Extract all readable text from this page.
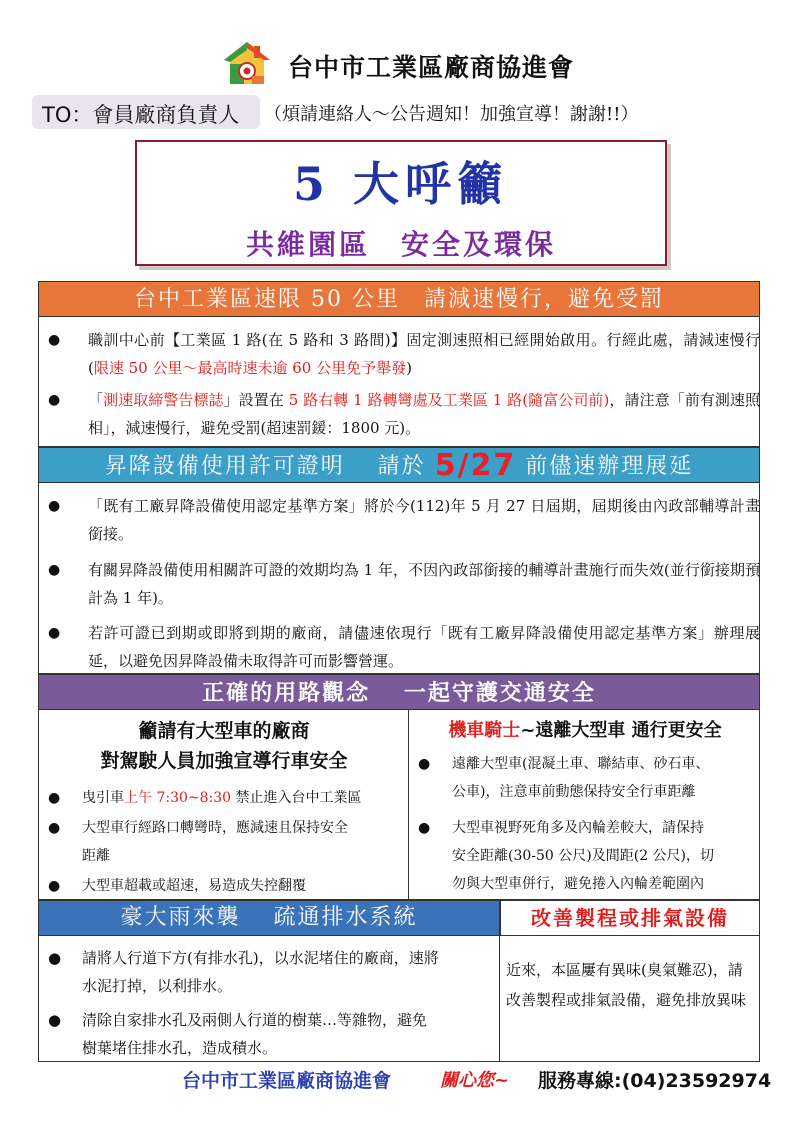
台中市工業區廠商協進會
TO：會員廠商負責人 （煩請連絡人～公告週知！加強宣導！謝謝!!）
5 大呼籲
共維園區　安全及環保
台中工業區速限 50 公里　請減速慢行，避免受罰
● 職訓中心前【工業區 1 路(在 5 路和 3 路間)】固定測速照相已經開始啟用。行經此處，請減速慢行(限速 50 公里～最高時速未逾 60 公里免予舉發)
● 「測速取締警告標誌」設置在 5 路右轉 1 路轉彎處及工業區 1 路(隨富公司前)，請注意「前有測速照相」，減速慢行，避免受罰(超速罰鍰：1800 元)。
昇降設備使用許可證明　 請於 5/27 前儘速辦理展延
● 「既有工廠昇降設備使用認定基準方案」將於今(112)年 5 月 27 日屆期，屆期後由內政部輔導計畫銜接。
● 有關昇降設備使用相關許可證的效期均為 1 年，不因內政部銜接的輔導計畫施行而失效(並行銜接期預計為 1 年)。
● 若許可證已到期或即將到期的廠商，請儘速依現行「既有工廠昇降設備使用認定基準方案」辦理展延，以避免因昇降設備未取得許可而影響營運。
正確的用路觀念　 一起守護交通安全
籲請有大型車的廠商
對駕駛人員加強宣導行車安全
● 曳引車上午 7:30~8:30 禁止進入台中工業區
● 大型車行經路口轉彎時，應減速且保持安全
距離
● 大型車超載或超速，易造成失控翻覆
機車騎士~遠離大型車 通行更安全
● 遠離大型車(混凝土車、聯結車、砂石車、
公車)，注意車前動態保持安全行車距離
● 大型車視野死角多及內輪差較大，請保持
安全距離(30-50 公尺)及間距(2 公尺)，切
勿與大型車併行，避免捲入內輪差範圍內
豪大雨來襲　 疏通排水系統	改善製程或排氣設備
● 請將人行道下方(有排水孔)，以水泥堵住的廠商，速將
水泥打掉，以利排水。
● 清除自家排水孔及兩側人行道的樹葉…等雜物，避免
樹葉堵住排水孔，造成積水。
近來，本區屢有異味(臭氣難忍)，請改善製程或排氣設備，避免排放異味
台中市工業區廠商協進會	關心您~ 服務專線:(04)23592974
